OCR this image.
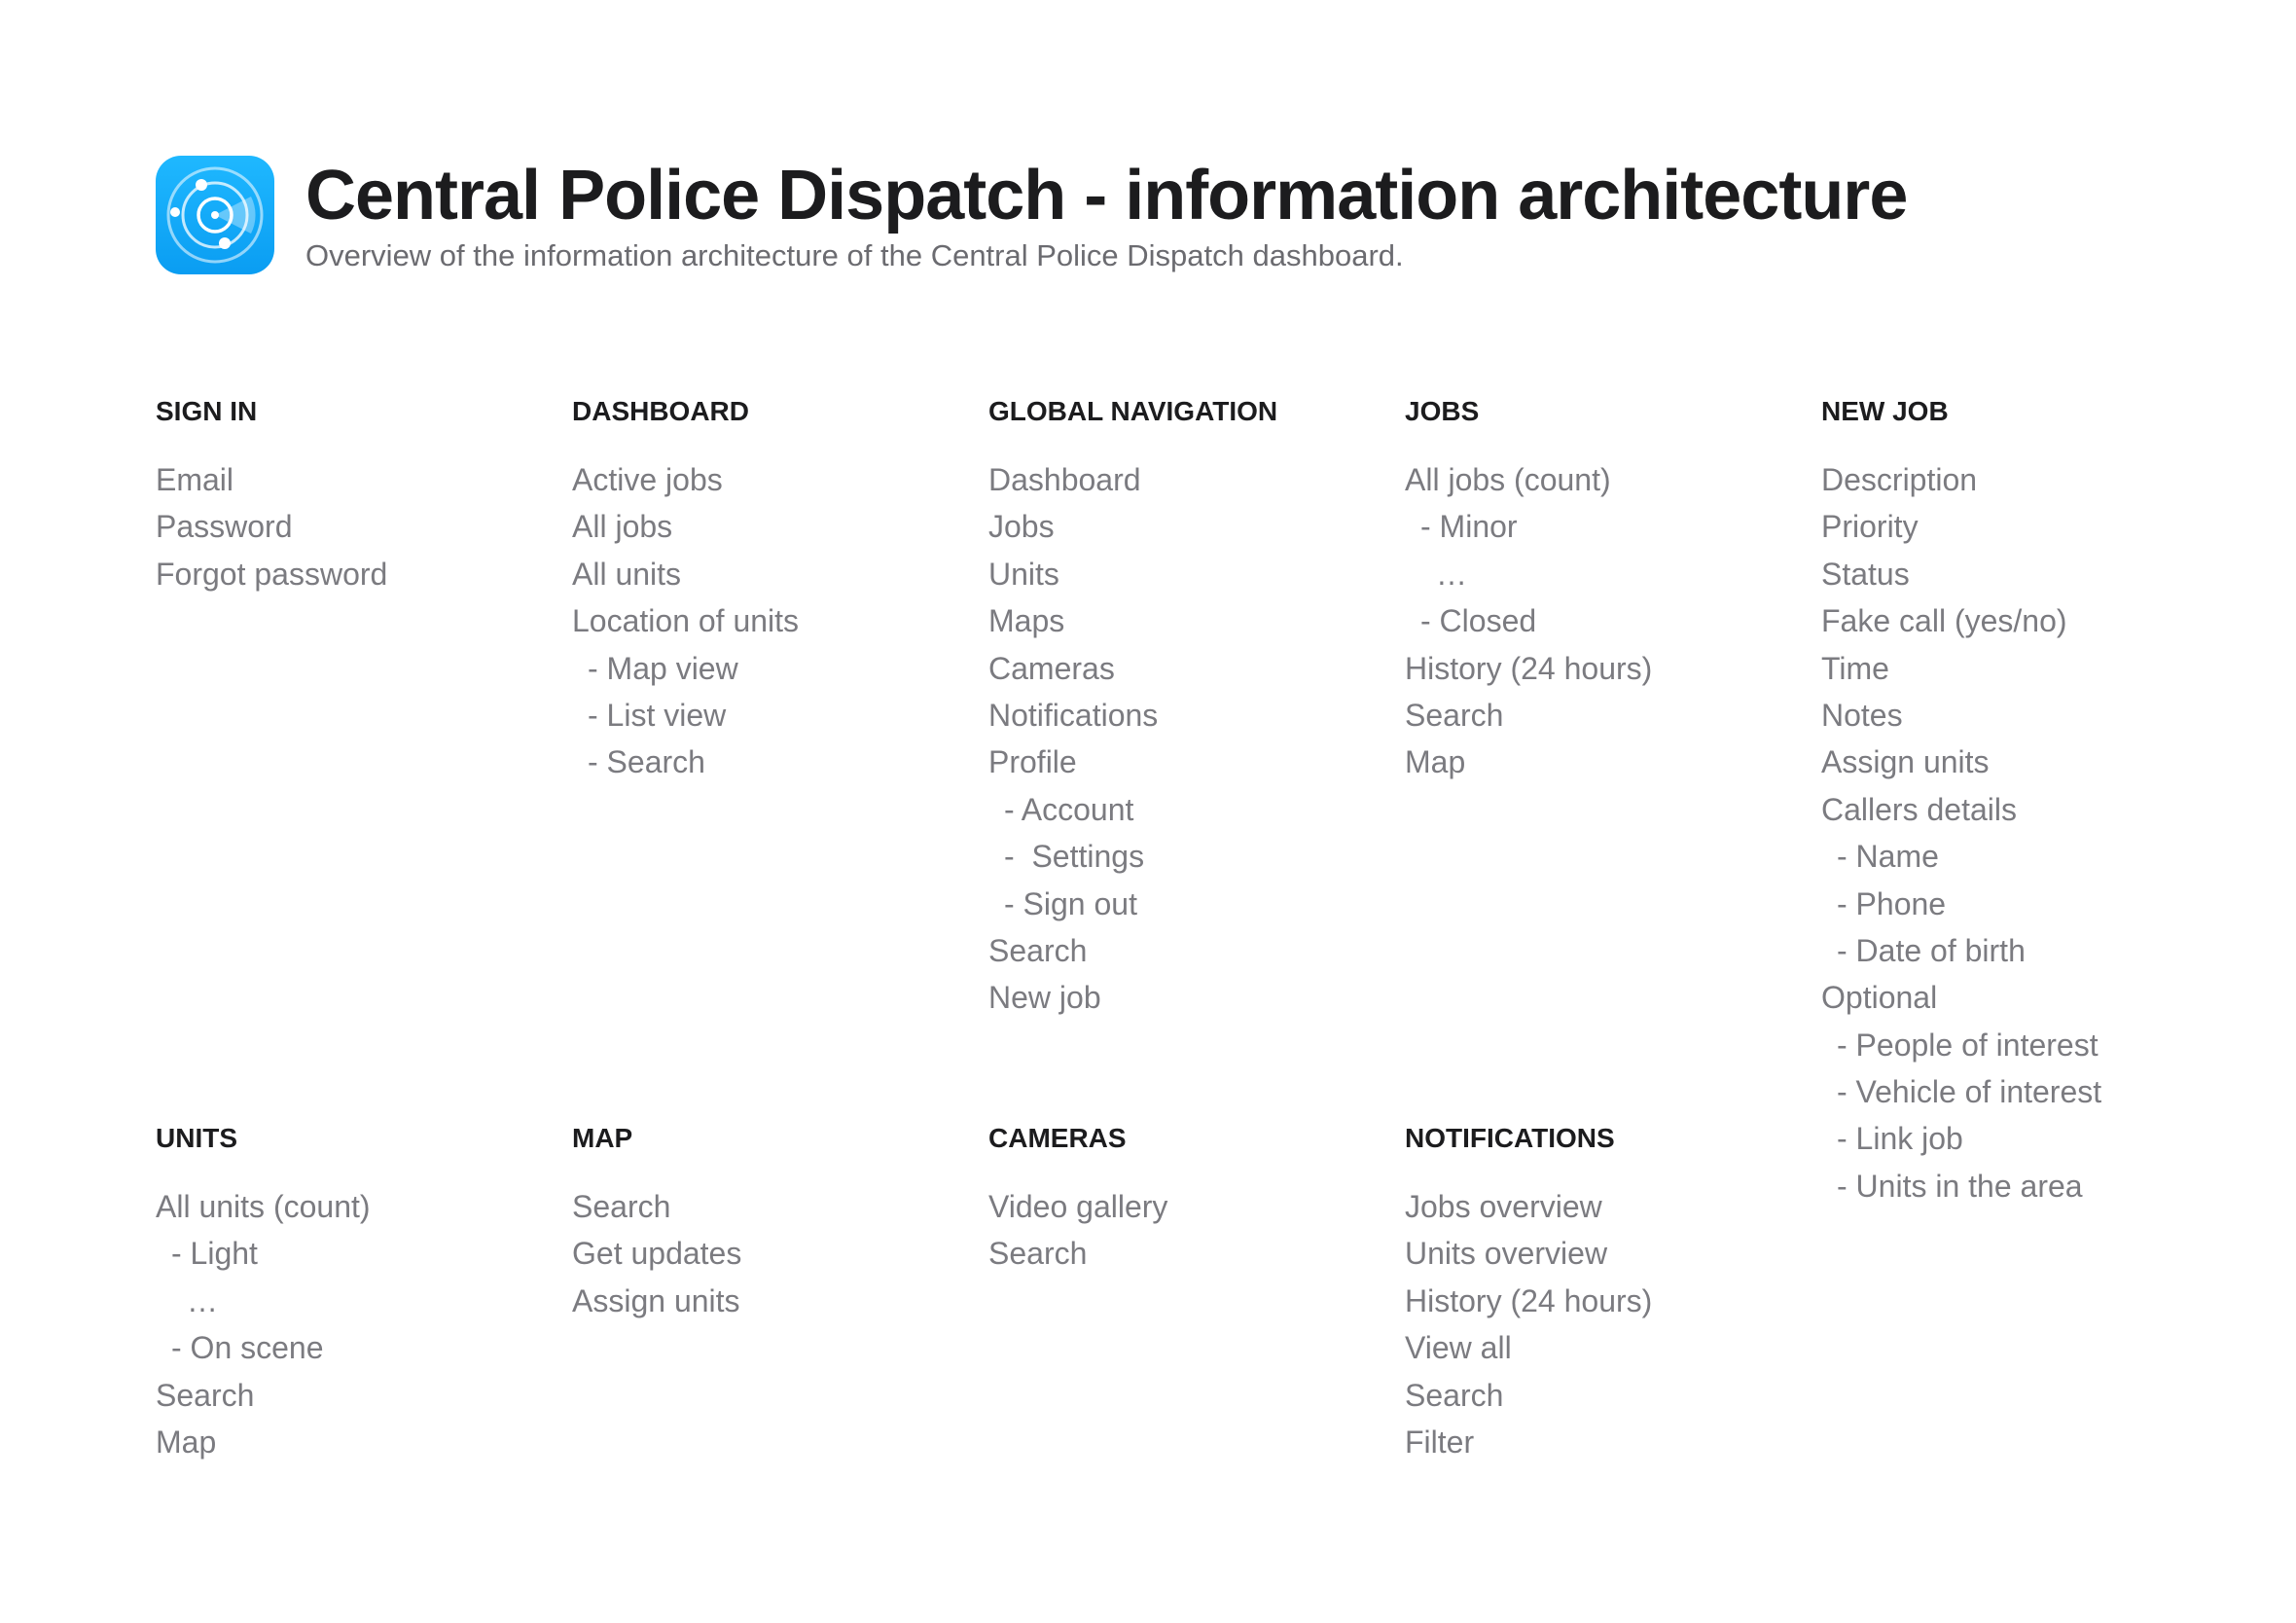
Central Police Dispatch - information architecture

Overview of the information architecture of the Central Police Dispatch dashboard.

SIGN IN
Email
Password
Forgot password
DASHBOARD
Active jobs
All jobs
All units
Location of units
- Map view
- List view
- Search
GLOBAL NAVIGATION
Dashboard
Jobs
Units
Maps
Cameras
Notifications
Profile
- Account
-  Settings
- Sign out
Search
New job
JOBS
All jobs (count)
- Minor
…
- Closed
History (24 hours)
Search
Map
NEW JOB
Description
Priority
Status
Fake call (yes/no)
Time
Notes
Assign units
Callers details
- Name
- Phone
- Date of birth
Optional
- People of interest
- Vehicle of interest
- Link job
- Units in the area
UNITS
All units (count)
- Light
…
- On scene
Search
Map
MAP
Search
Get updates
Assign units
CAMERAS
Video gallery
Search
NOTIFICATIONS
Jobs overview
Units overview
History (24 hours)
View all
Search
Filter
